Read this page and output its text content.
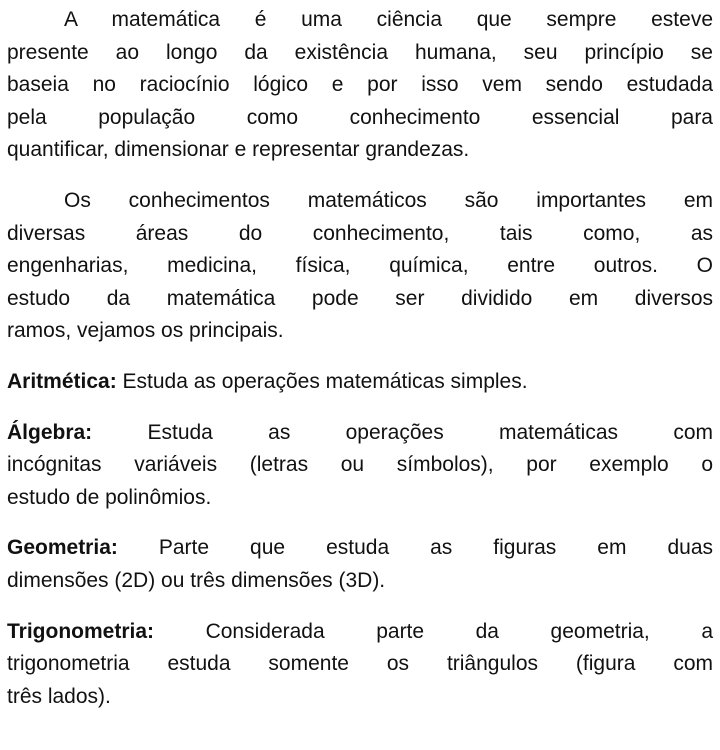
A matemática é uma ciência que sempre esteve
presente ao longo da existência humana, seu princípio se
baseia no raciocínio lógico e por isso vem sendo estudada
pela população como conhecimento essencial para
quantificar, dimensionar e representar grandezas.
Os conhecimentos matemáticos são importantes em
diversas áreas do conhecimento, tais como, as
engenharias, medicina, física, química, entre outros. O
estudo da matemática pode ser dividido em diversos
ramos, vejamos os principais.
Aritmética: Estuda as operações matemáticas simples.
Álgebra: Estuda as operações matemáticas com
incógnitas variáveis (letras ou símbolos), por exemplo o
estudo de polinômios.
Geometria: Parte que estuda as figuras em duas
dimensões (2D) ou três dimensões (3D).
Trigonometria: Considerada parte da geometria, a
trigonometria estuda somente os triângulos (figura com
três lados).
